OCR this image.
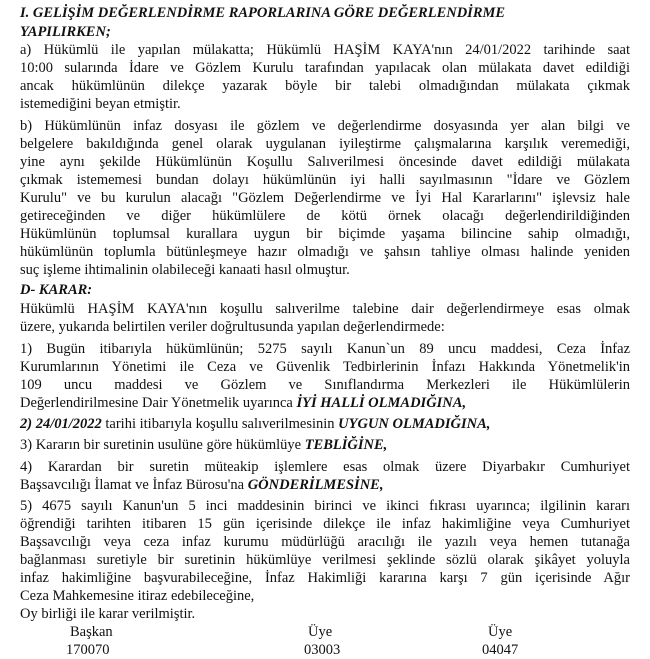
I. GELİŞİM DEĞERLENDİRME RAPORLARINA GÖRE DEĞERLENDİRME
YAPILIRKEN;
a) Hükümlü ile yapılan mülakatta; Hükümlü HAŞİM KAYA'nın 24/01/2022 tarihinde saat
10:00 sularında İdare ve Gözlem Kurulu tarafından yapılacak olan mülakata davet edildiği
ancak hükümlünün dilekçe yazarak böyle bir talebi olmadığından mülakata çıkmak
istemediğini beyan etmiştir.
b) Hükümlünün infaz dosyası ile gözlem ve değerlendirme dosyasında yer alan bilgi ve
belgelere bakıldığında genel olarak uygulanan iyileştirme çalışmalarına karşılık veremediği,
yine aynı şekilde Hükümlünün Koşullu Salıverilmesi öncesinde davet edildiği mülakata
çıkmak istememesi bundan dolayı hükümlünün iyi halli sayılmasının "İdare ve Gözlem
Kurulu" ve bu kurulun alacağı "Gözlem Değerlendirme ve İyi Hal Kararlarını" işlevsiz hale
getireceğinden ve diğer hükümlülere de kötü örnek olacağı değerlendirildiğinden
Hükümlünün toplumsal kurallara uygun bir biçimde yaşama bilincine sahip olmadığı,
hükümlünün toplumla bütünleşmeye hazır olmadığı ve şahsın tahliye olması halinde yeniden
suç işleme ihtimalinin olabileceği kanaati hasıl olmuştur.
D- KARAR:
Hükümlü HAŞİM KAYA'nın koşullu salıverilme talebine dair değerlendirmeye esas olmak
üzere, yukarıda belirtilen veriler doğrultusunda yapılan değerlendirmede:
1) Bugün itibarıyla hükümlünün; 5275 sayılı Kanun`un 89 uncu maddesi, Ceza İnfaz
Kurumlarının Yönetimi ile Ceza ve Güvenlik Tedbirlerinin İnfazı Hakkında Yönetmelik'in
109 uncu maddesi ve Gözlem ve Sınıflandırma Merkezleri ile Hükümlülerin
Değerlendirilmesine Dair Yönetmelik uyarınca İYİ HALLİ OLMADIĞINA,
2) 24/01/2022 tarihi itibarıyla koşullu salıverilmesinin UYGUN OLMADIĞINA,
3) Kararın bir suretinin usulüne göre hükümlüye TEBLİĞİNE,
4) Karardan bir suretin müteakip işlemlere esas olmak üzere Diyarbakır Cumhuriyet
Başsavcılığı İlamat ve İnfaz Bürosu'na GÖNDERİLMESİNE,
5) 4675 sayılı Kanun'un 5 inci maddesinin birinci ve ikinci fıkrası uyarınca; ilgilinin kararı
öğrendiği tarihten itibaren 15 gün içerisinde dilekçe ile infaz hakimliğine veya Cumhuriyet
Başsavcılığı veya ceza infaz kurumu müdürlüğü aracılığı ile yazılı veya hemen tutanağa
bağlanması suretiyle bir suretinin hükümlüye verilmesi şeklinde sözlü olarak şikâyet yoluyla
infaz hakimliğine başvurabileceğine, İnfaz Hakimliği kararına karşı 7 gün içerisinde Ağır
Ceza Mahkemesine itiraz edebileceğine,
Oy birliği ile karar verilmiştir.
Başkan	Üye	Üye
170070	03003	04047
